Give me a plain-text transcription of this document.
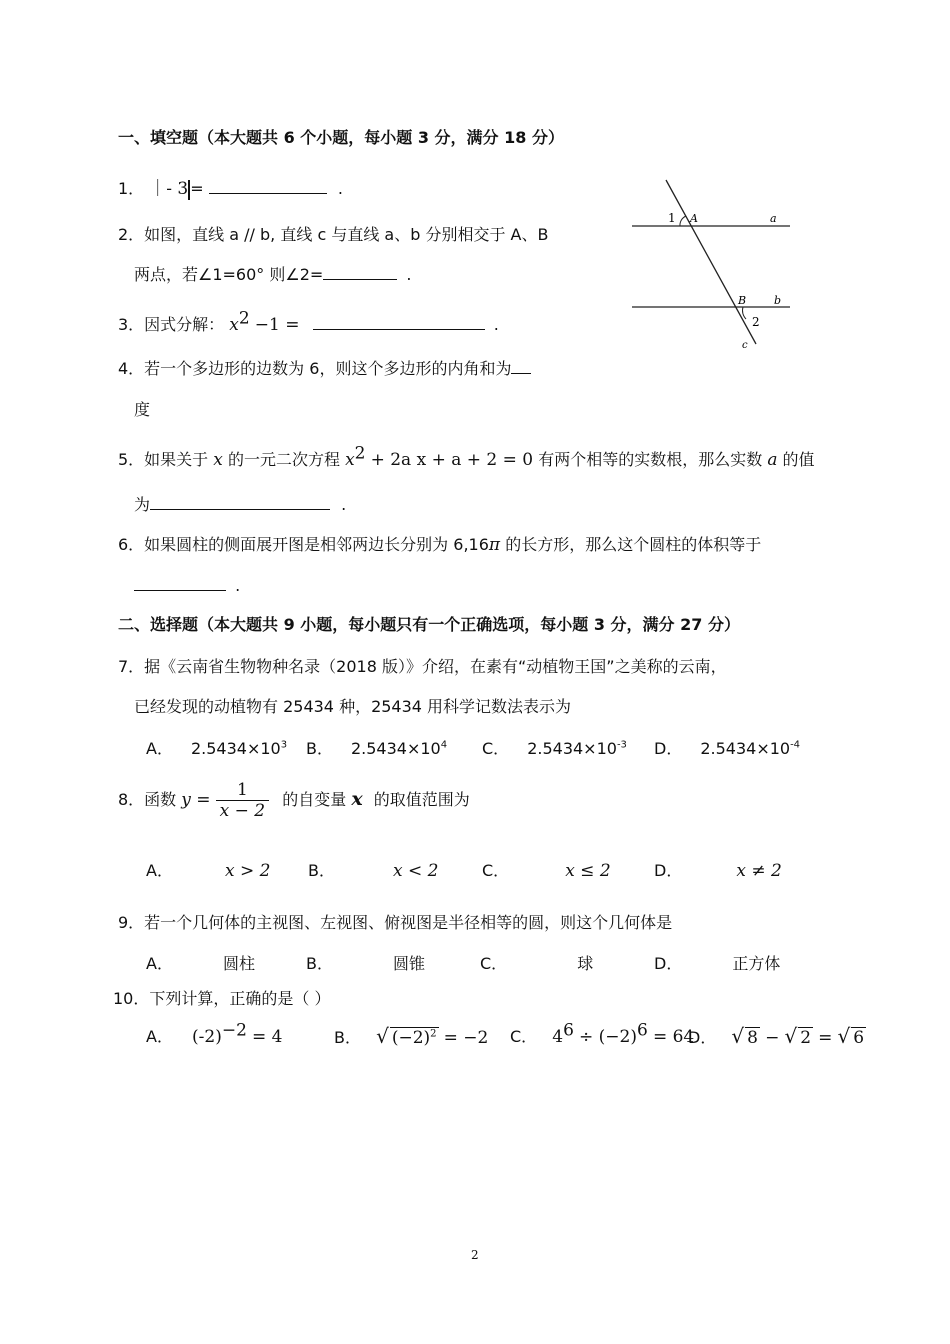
一、填空题（本大题共 6 个小题，每小题 3 分，满分 18 分）
1． ｜- 3 =	.
2．如图，直线 a // b, 直线 c 与直线 a、b 分别相交于 A、B
两点，若∠1=60° 则∠2=	.
1 A	a
B	b
2
c
3．因式分解： $x^2 -1$ =	.
4．若一个多边形的边数为 6，则这个多边形的内角和为
度
5．如果关于 x 的一元二次方程 $x^2 + 2a$ x + a + 2 = 0 有两个相等的实数根，那么实数 a 的值
为	.
6．如果圆柱的侧面展开图是相邻两边长分别为 6,16π 的长方形，那么这个圆柱的体积等于
.
二、选择题（本大题共 9 小题，每小题只有一个正确选项，每小题 3 分，满分 27 分）
7．据《云南省生物物种名录（2018 版）》介绍，在素有“动植物王国”之美称的云南，
已经发现的动植物有 25434 种，25434 用科学记数法表示为
A． $2.5434\times 10^3$ B． $2.5434\times 10^4$ C． $2.5434\times 10^{-3}$ D． $2.5434\times 10^{-4}$
8．函数 $y = \frac{1}{x - 2}$ 的自变量 x 的取值范围为
A．	x > 2 B．	x < 2	C．	x ≤ 2	D．	x ≠ 2
9．若一个几何体的主视图、左视图、俯视图是半径相等的圆，则这个几何体是
A．	圆柱	B．	圆锥	C．	球	D．	正方体
10．下列计算，正确的是（ ）
A． $(-2)^{-2} = 4$	B． √ $(-2)^2 = -2$ C． $4^6 \div (-2)^6 = 64$
D． √ 8 − √ 2 = √ 6
2
